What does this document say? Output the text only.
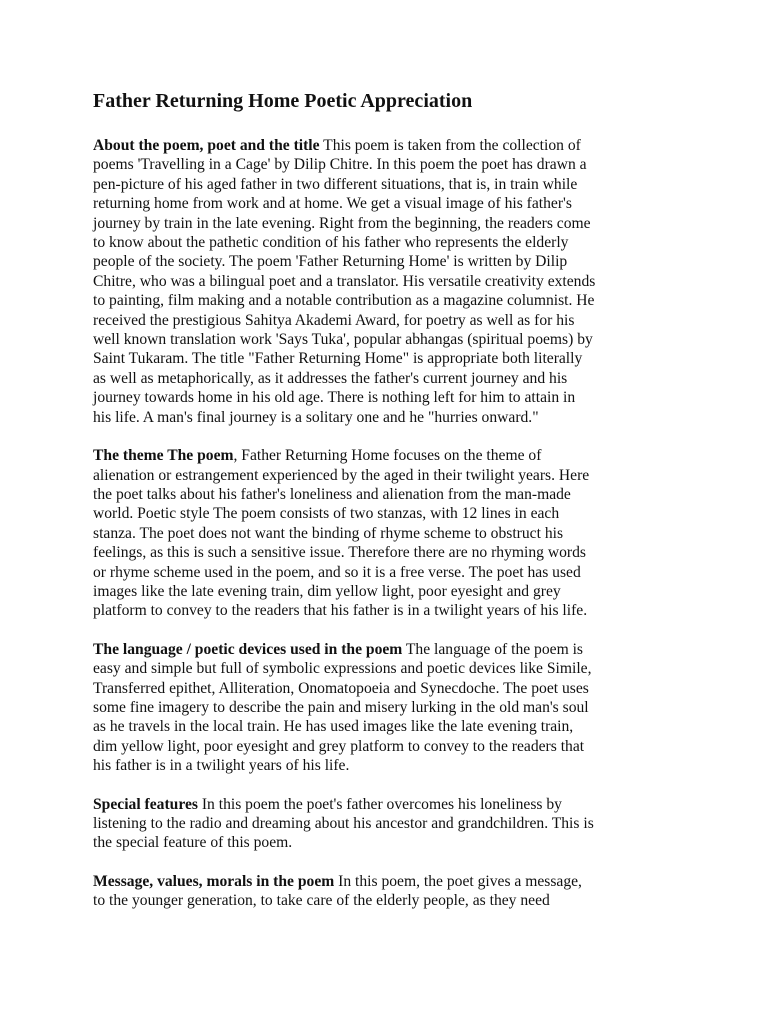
Father Returning Home Poetic Appreciation
About the poem, poet and the title This poem is taken from the collection of
poems 'Travelling in a Cage' by Dilip Chitre. In this poem the poet has drawn a
pen-picture of his aged father in two different situations, that is, in train while
returning home from work and at home. We get a visual image of his father's
journey by train in the late evening. Right from the beginning, the readers come
to know about the pathetic condition of his father who represents the elderly
people of the society. The poem 'Father Returning Home' is written by Dilip
Chitre, who was a bilingual poet and a translator. His versatile creativity extends
to painting, film making and a notable contribution as a magazine columnist. He
received the prestigious Sahitya Akademi Award, for poetry as well as for his
well known translation work 'Says Tuka', popular abhangas (spiritual poems) by
Saint Tukaram. The title "Father Returning Home" is appropriate both literally
as well as metaphorically, as it addresses the father's current journey and his
journey towards home in his old age. There is nothing left for him to attain in
his life. A man's final journey is a solitary one and he "hurries onward."
The theme The poem, Father Returning Home focuses on the theme of
alienation or estrangement experienced by the aged in their twilight years. Here
the poet talks about his father's loneliness and alienation from the man-made
world. Poetic style The poem consists of two stanzas, with 12 lines in each
stanza. The poet does not want the binding of rhyme scheme to obstruct his
feelings, as this is such a sensitive issue. Therefore there are no rhyming words
or rhyme scheme used in the poem, and so it is a free verse. The poet has used
images like the late evening train, dim yellow light, poor eyesight and grey
platform to convey to the readers that his father is in a twilight years of his life.
The language / poetic devices used in the poem The language of the poem is
easy and simple but full of symbolic expressions and poetic devices like Simile,
Transferred epithet, Alliteration, Onomatopoeia and Synecdoche. The poet uses
some fine imagery to describe the pain and misery lurking in the old man's soul
as he travels in the local train. He has used images like the late evening train,
dim yellow light, poor eyesight and grey platform to convey to the readers that
his father is in a twilight years of his life.
Special features In this poem the poet's father overcomes his loneliness by
listening to the radio and dreaming about his ancestor and grandchildren. This is
the special feature of this poem.
Message, values, morals in the poem In this poem, the poet gives a message,
to the younger generation, to take care of the elderly people, as they need
